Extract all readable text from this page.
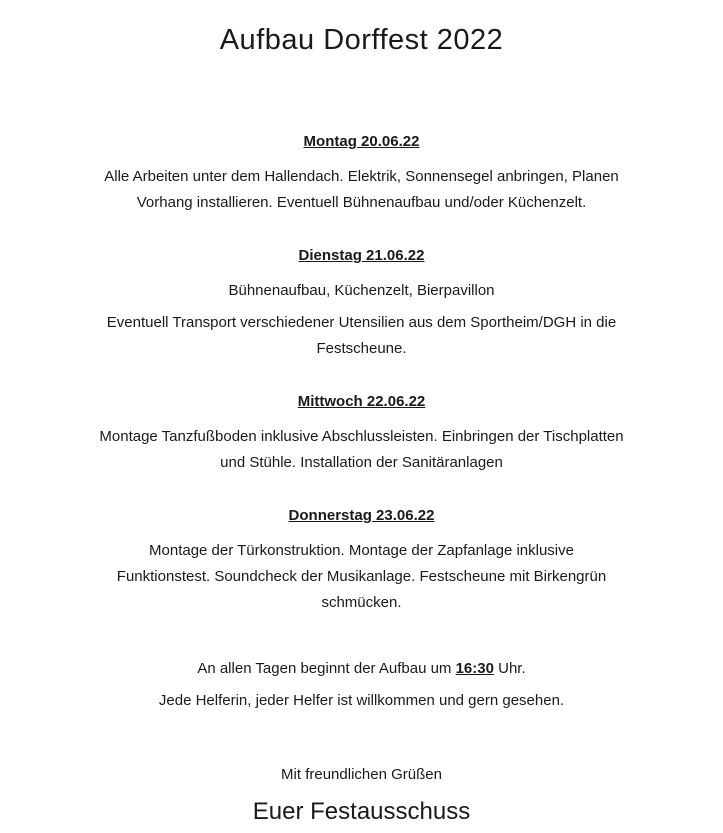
Aufbau Dorffest 2022
Montag 20.06.22
Alle Arbeiten unter dem Hallendach. Elektrik, Sonnensegel anbringen, Planen
Vorhang installieren. Eventuell Bühnenaufbau und/oder Küchenzelt.
Dienstag 21.06.22
Bühnenaufbau, Küchenzelt, Bierpavillon
Eventuell Transport verschiedener Utensilien aus dem Sportheim/DGH in die
Festscheune.
Mittwoch 22.06.22
Montage Tanzfußboden inklusive Abschlussleisten. Einbringen der Tischplatten
und Stühle. Installation der Sanitäranlagen
Donnerstag 23.06.22
Montage der Türkonstruktion. Montage der Zapfanlage inklusive
Funktionstest. Soundcheck der Musikanlage. Festscheune mit Birkengrün
schmücken.
An allen Tagen beginnt der Aufbau um 16:30 Uhr.
Jede Helferin, jeder Helfer ist willkommen und gern gesehen.
Mit freundlichen Grüßen
Euer Festausschuss
